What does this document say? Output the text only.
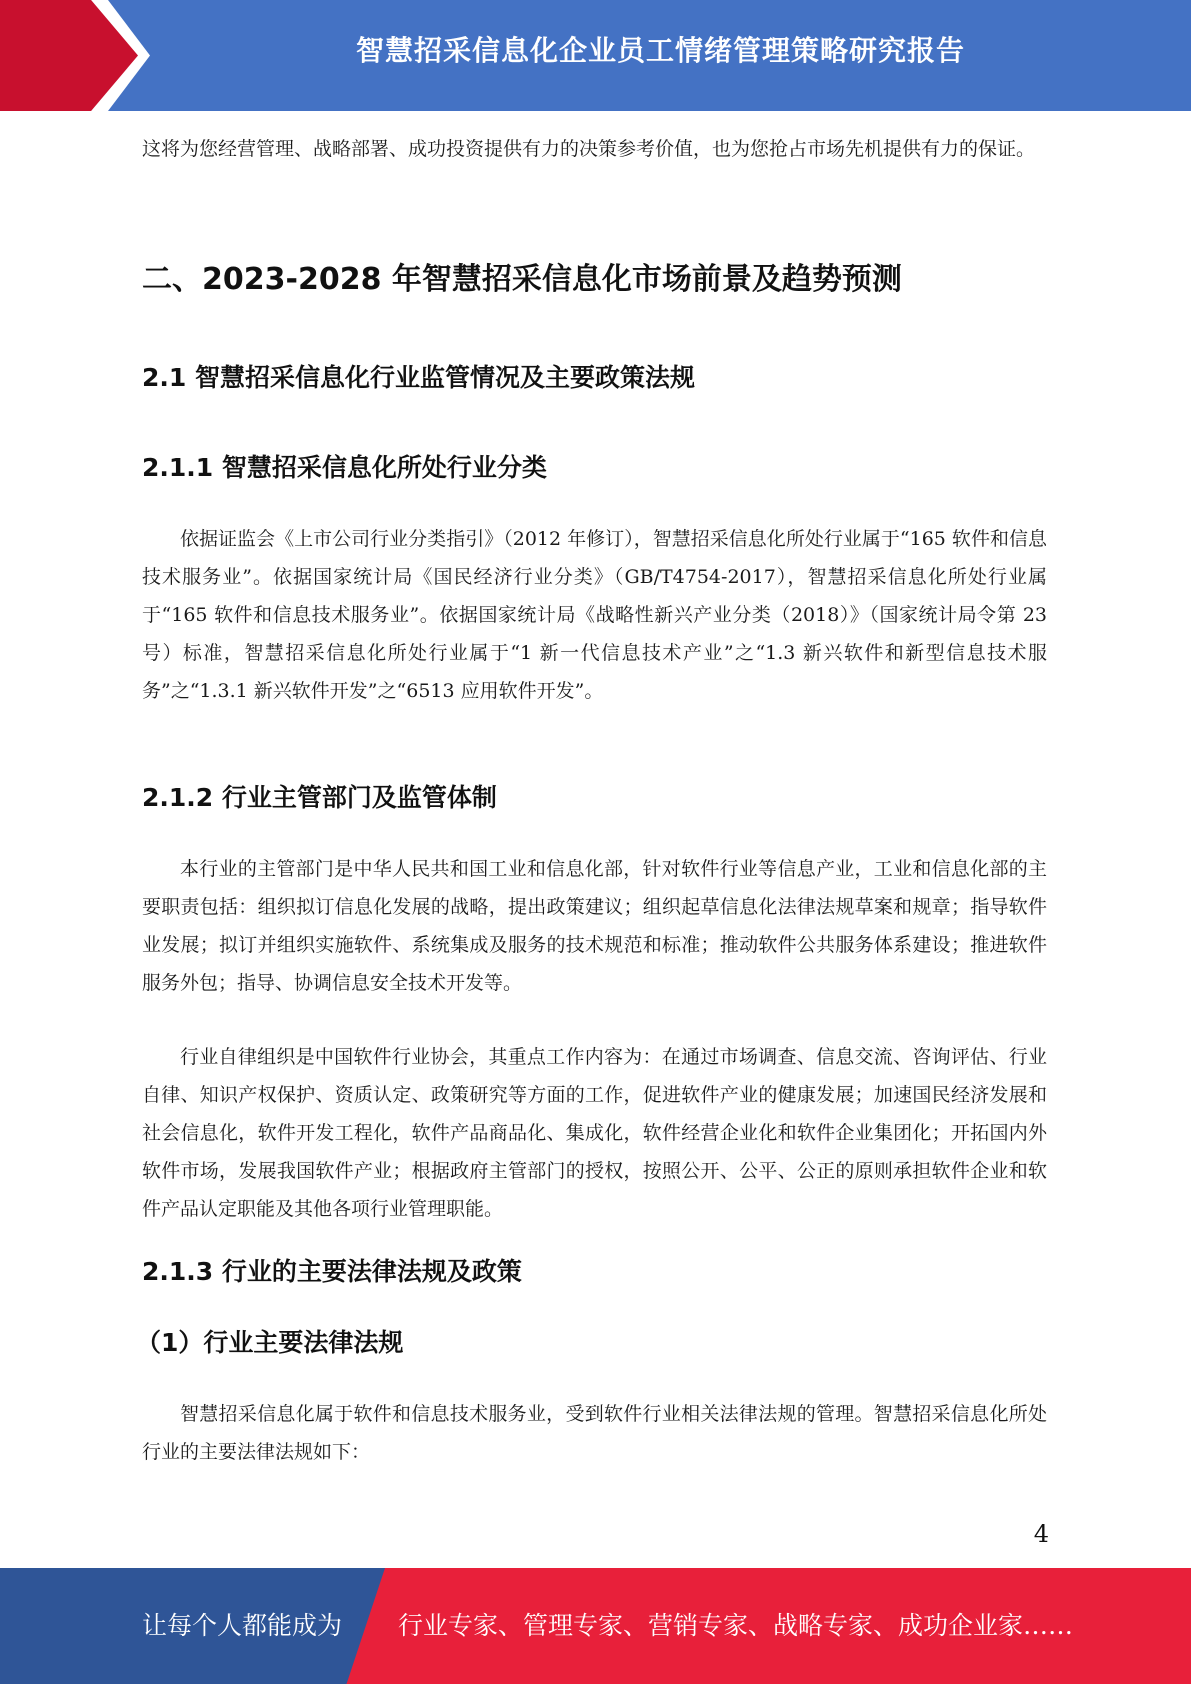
智慧招采信息化企业员工情绪管理策略研究报告

这将为您经营管理、战略部署、成功投资提供有力的决策参考价值，也为您抢占市场先机提供有力的保证。

二、2023-2028 年智慧招采信息化市场前景及趋势预测
2.1 智慧招采信息化行业监管情况及主要政策法规
2.1.1 智慧招采信息化所处行业分类

依据证监会《上市公司行业分类指引》（2012 年修订），智慧招采信息化所处行业属于“165 软件和信息技术服务业”。依据国家统计局《国民经济行业分类》（GB/T4754-2017），智慧招采信息化所处行业属于“165 软件和信息技术服务业”。依据国家统计局《战略性新兴产业分类（2018）》（国家统计局令第 23 号）标准，智慧招采信息化所处行业属于“1 新一代信息技术产业”之“1.3 新兴软件和新型信息技术服务”之“1.3.1 新兴软件开发”之“6513 应用软件开发”。

2.1.2 行业主管部门及监管体制

本行业的主管部门是中华人民共和国工业和信息化部，针对软件行业等信息产业，工业和信息化部的主要职责包括：组织拟订信息化发展的战略，提出政策建议；组织起草信息化法律法规草案和规章；指导软件业发展；拟订并组织实施软件、系统集成及服务的技术规范和标准；推动软件公共服务体系建设；推进软件服务外包；指导、协调信息安全技术开发等。

行业自律组织是中国软件行业协会，其重点工作内容为：在通过市场调查、信息交流、咨询评估、行业自律、知识产权保护、资质认定、政策研究等方面的工作，促进软件产业的健康发展；加速国民经济发展和社会信息化，软件开发工程化，软件产品商品化、集成化，软件经营企业化和软件企业集团化；开拓国内外软件市场，发展我国软件产业；根据政府主管部门的授权，按照公开、公平、公正的原则承担软件企业和软件产品认定职能及其他各项行业管理职能。

2.1.3 行业的主要法律法规及政策
（1）行业主要法律法规

智慧招采信息化属于软件和信息技术服务业，受到软件行业相关法律法规的管理。智慧招采信息化所处行业的主要法律法规如下：

4
让每个人都能成为 行业专家、管理专家、营销专家、战略专家、成功企业家……
